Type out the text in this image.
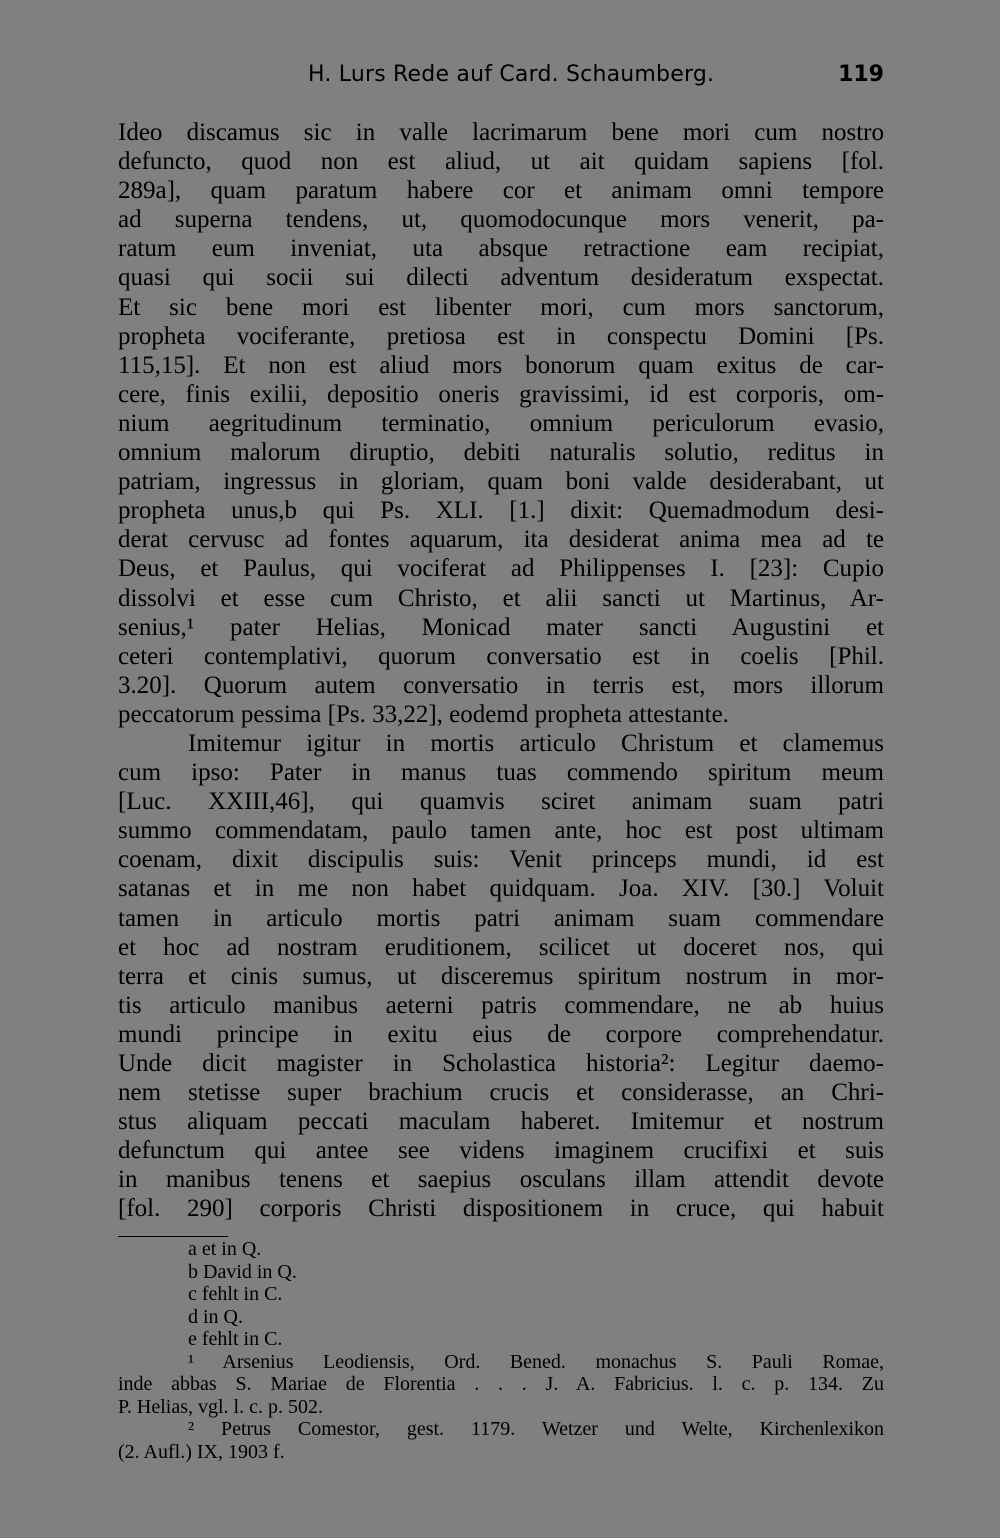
H. Lurs Rede auf Card. Schaumberg.	119
Ideo discamus sic in valle lacrimarum bene mori cum nostro
defuncto, quod non est aliud, ut ait quidam sapiens [fol.
289a], quam paratum habere cor et animam omni tempore
ad superna tendens, ut, quomodocunque mors venerit, pa-
ratum eum inveniat, uta absque retractione eam recipiat,
quasi qui socii sui dilecti adventum desideratum exspectat.
Et sic bene mori est libenter mori, cum mors sanctorum,
propheta vociferante, pretiosa est in conspectu Domini [Ps.
115,15]. Et non est aliud mors bonorum quam exitus de car-
cere, finis exilii, depositio oneris gravissimi, id est corporis, om-
nium aegritudinum terminatio, omnium periculorum evasio,
omnium malorum diruptio, debiti naturalis solutio, reditus in
patriam, ingressus in gloriam, quam boni valde desiderabant, ut
propheta unus,b qui Ps. XLI. [1.] dixit: Quemadmodum desi-
derat cervusc ad fontes aquarum, ita desiderat anima mea ad te
Deus, et Paulus, qui vociferat ad Philippenses I. [23]: Cupio
dissolvi et esse cum Christo, et alii sancti ut Martinus, Ar-
senius,¹ pater Helias, Monicad mater sancti Augustini et
ceteri contemplativi, quorum conversatio est in coelis [Phil.
3.20]. Quorum autem conversatio in terris est, mors illorum
peccatorum pessima [Ps. 33,22], eodemd propheta attestante.
Imitemur igitur in mortis articulo Christum et clamemus
cum ipso: Pater in manus tuas commendo spiritum meum
[Luc. XXIII,46], qui quamvis sciret animam suam patri
summo commendatam, paulo tamen ante, hoc est post ultimam
coenam, dixit discipulis suis: Venit princeps mundi, id est
satanas et in me non habet quidquam. Joa. XIV. [30.] Voluit
tamen in articulo mortis patri animam suam commendare
et hoc ad nostram eruditionem, scilicet ut doceret nos, qui
terra et cinis sumus, ut disceremus spiritum nostrum in mor-
tis articulo manibus aeterni patris commendare, ne ab huius
mundi principe in exitu eius de corpore comprehendatur.
Unde dicit magister in Scholastica historia²: Legitur daemo-
nem stetisse super brachium crucis et considerasse, an Chri-
stus aliquam peccati maculam haberet. Imitemur et nostrum
defunctum qui antee see videns imaginem crucifixi et suis
in manibus tenens et saepius osculans illam attendit devote
[fol. 290] corporis Christi dispositionem in cruce, qui habuit
a et in Q.
b David in Q.
c fehlt in C.
d in Q.
e fehlt in C.
¹ Arsenius Leodiensis, Ord. Bened. monachus S. Pauli Romae,
inde abbas S. Mariae de Florentia . . . J. A. Fabricius. l. c. p. 134. Zu
P. Helias, vgl. l. c. p. 502.
² Petrus Comestor, gest. 1179. Wetzer und Welte, Kirchenlexikon
(2. Aufl.) IX, 1903 f.
